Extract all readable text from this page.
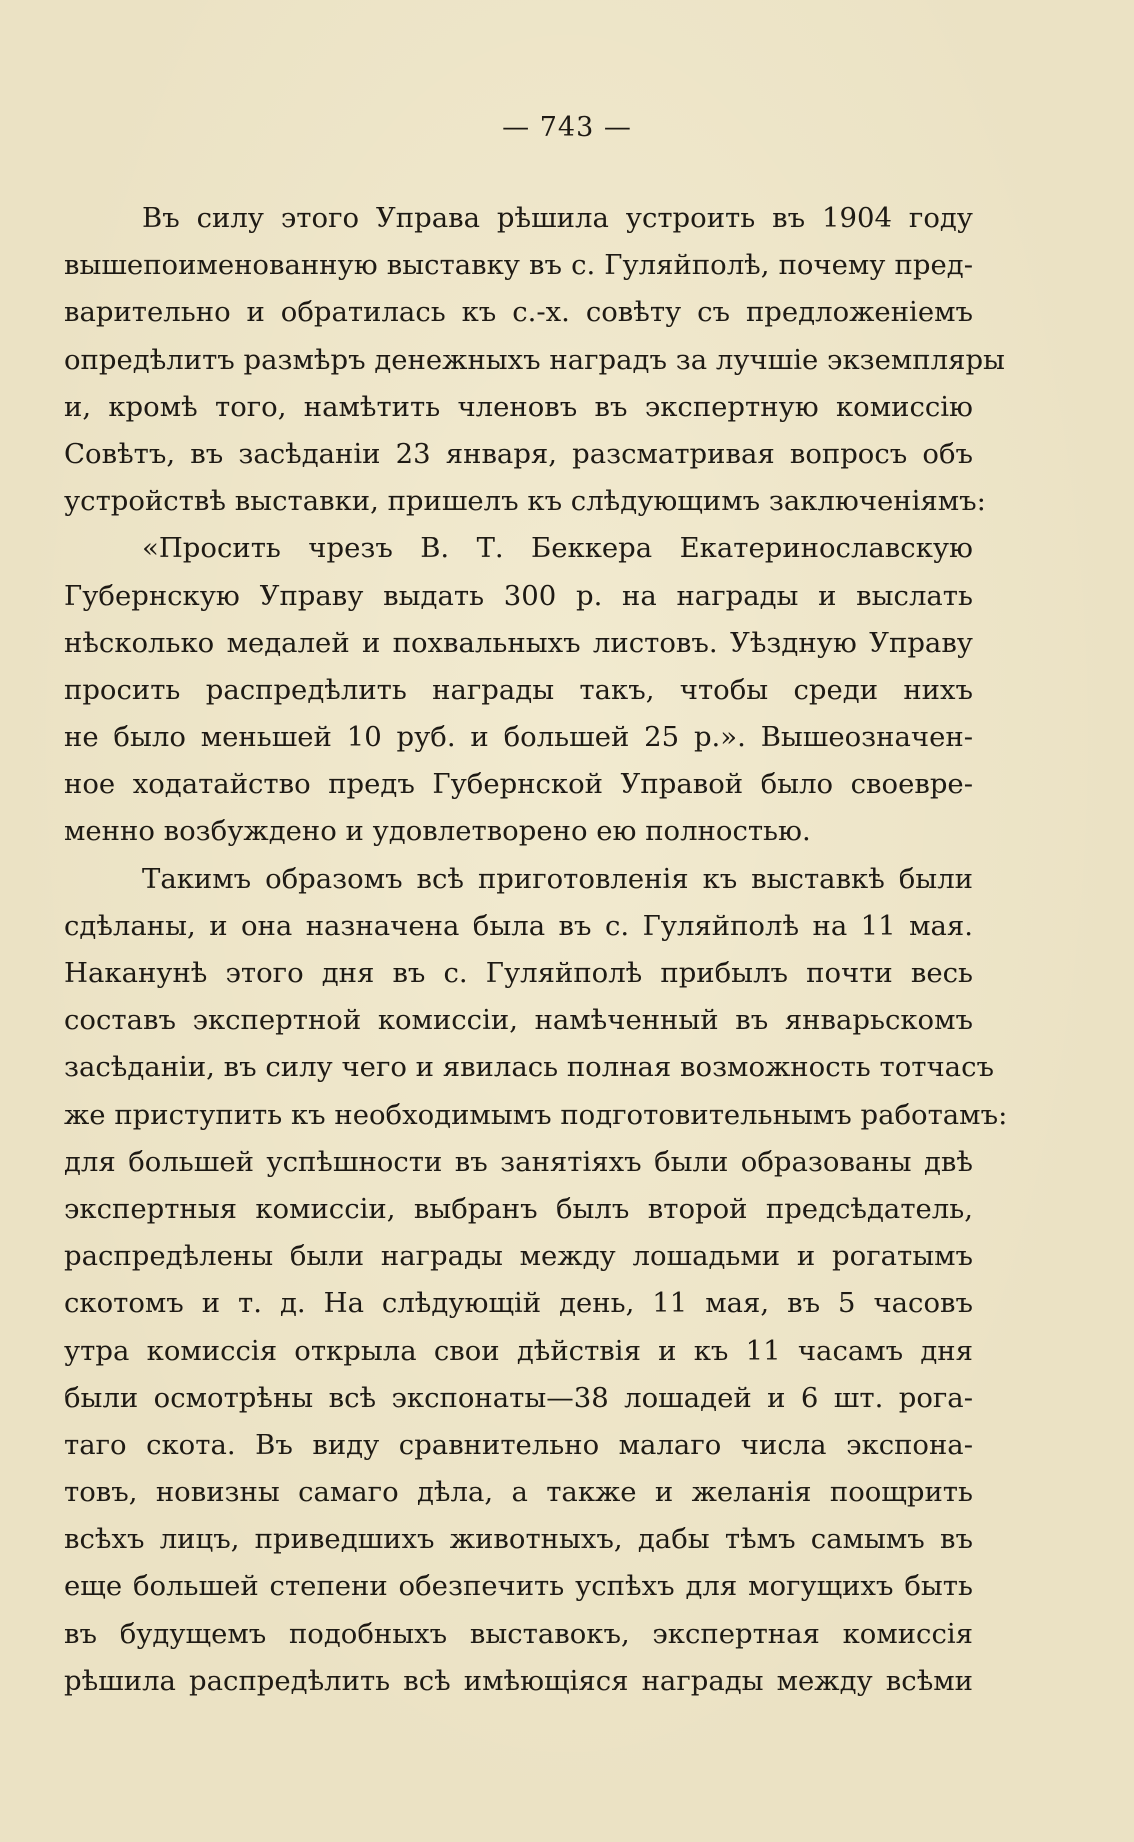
— 743 —
Въ силу этого Управа рѣшила устроить въ 1904 году
вышепоименованную выставку въ с. Гуляйполѣ, почему пред-
варительно и обратилась къ с.-х. совѣту съ предложеніемъ
опредѣлитъ размѣръ денежныхъ наградъ за лучшіе экземпляры
и, кромѣ того, намѣтить членовъ въ экспертную комиссію
Совѣтъ, въ засѣданіи 23 января, разсматривая вопросъ объ
устройствѣ выставки, пришелъ къ слѣдующимъ заключеніямъ:
«Просить чрезъ В. Т. Беккера Екатеринославскую
Губернскую Управу выдать 300 р. на награды и выслать
нѣсколько медалей и похвальныхъ листовъ. Уѣздную Управу
просить распредѣлить награды такъ, чтобы среди нихъ
не было меньшей 10 руб. и большей 25 р.». Вышеозначен-
ное ходатайство предъ Губернской Управой было своевре-
менно возбуждено и удовлетворено ею полностью.
Такимъ образомъ всѣ приготовленія къ выставкѣ были
сдѣланы, и она назначена была въ с. Гуляйполѣ на 11 мая.
Наканунѣ этого дня въ с. Гуляйполѣ прибылъ почти весь
составъ экспертной комиссіи, намѣченный въ январьскомъ
засѣданіи, въ силу чего и явилась полная возможность тотчасъ
же приступить къ необходимымъ подготовительнымъ работамъ:
для большей успѣшности въ занятіяхъ были образованы двѣ
экспертныя комиссіи, выбранъ былъ второй предсѣдатель,
распредѣлены были награды между лошадьми и рогатымъ
скотомъ и т. д. На слѣдующій день, 11 мая, въ 5 часовъ
утра комиссія открыла свои дѣйствія и къ 11 часамъ дня
были осмотрѣны всѣ экспонаты—38 лошадей и 6 шт. рога-
таго скота. Въ виду сравнительно малаго числа экспона-
товъ, новизны самаго дѣла, а также и желанія поощрить
всѣхъ лицъ, приведшихъ животныхъ, дабы тѣмъ самымъ въ
еще большей степени обезпечить успѣхъ для могущихъ быть
въ будущемъ подобныхъ выставокъ, экспертная комиссія
рѣшила распредѣлить всѣ имѣющіяся награды между всѣми
